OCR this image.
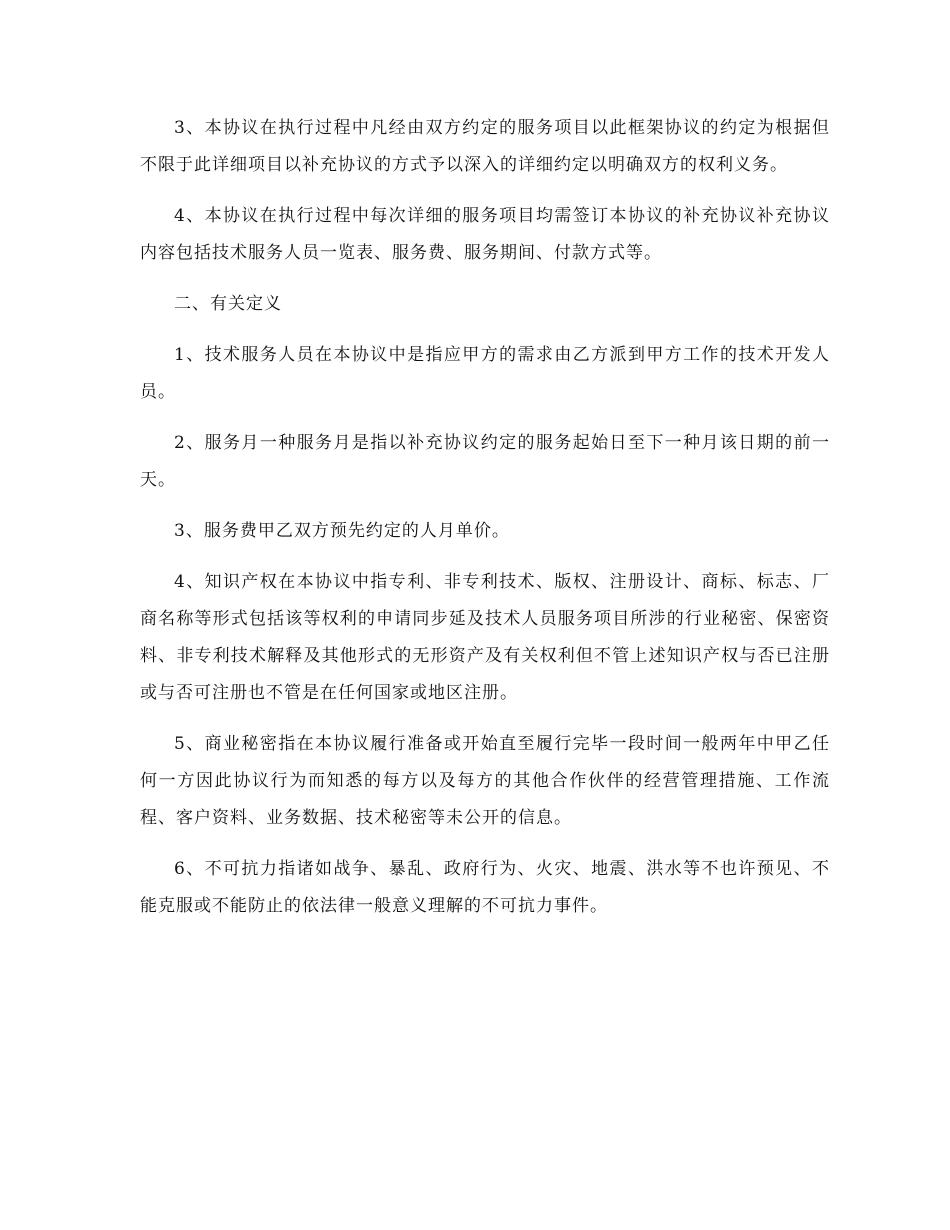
3、本协议在执行过程中凡经由双方约定的服务项目以此框架协议的约定为根据但不限于此详细项目以补充协议的方式予以深入的详细约定以明确双方的权利义务。

4、本协议在执行过程中每次详细的服务项目均需签订本协议的补充协议补充协议内容包括技术服务人员一览表、服务费、服务期间、付款方式等。

二、有关定义

1、技术服务人员在本协议中是指应甲方的需求由乙方派到甲方工作的技术开发人员。

2、服务月一种服务月是指以补充协议约定的服务起始日至下一种月该日期的前一天。

3、服务费甲乙双方预先约定的人月单价。

4、知识产权在本协议中指专利、非专利技术、版权、注册设计、商标、标志、厂商名称等形式包括该等权利的申请同步延及技术人员服务项目所涉的行业秘密、保密资料、非专利技术解释及其他形式的无形资产及有关权利但不管上述知识产权与否已注册或与否可注册也不管是在任何国家或地区注册。

5、商业秘密指在本协议履行准备或开始直至履行完毕一段时间一般两年中甲乙任何一方因此协议行为而知悉的每方以及每方的其他合作伙伴的经营管理措施、工作流程、客户资料、业务数据、技术秘密等未公开的信息。

6、不可抗力指诸如战争、暴乱、政府行为、火灾、地震、洪水等不也许预见、不能克服或不能防止的依法律一般意义理解的不可抗力事件。
